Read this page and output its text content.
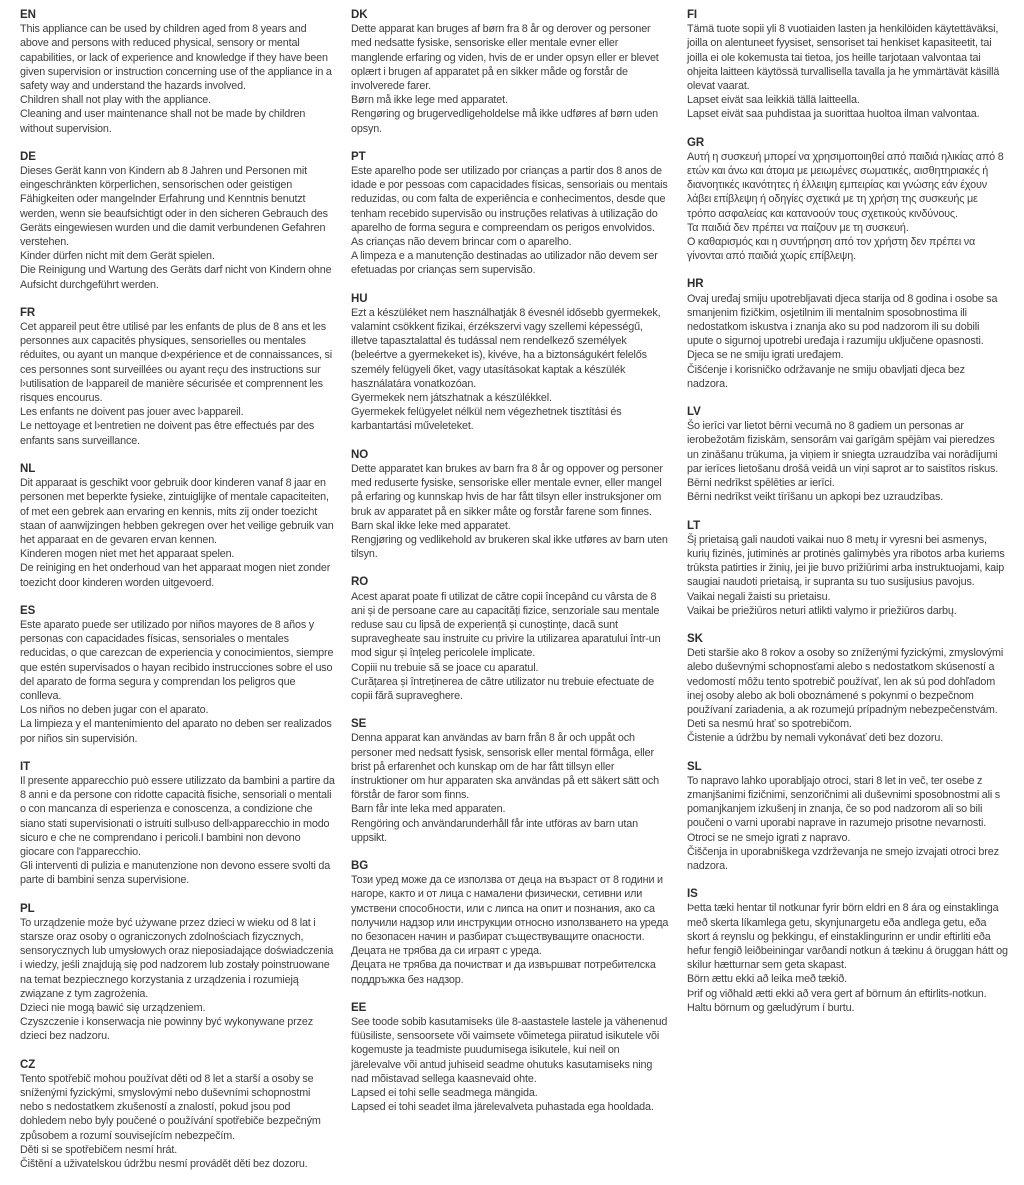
EN

This appliance can be used by children aged from 8 years and above and persons with reduced physical, sensory or mental capabilities, or lack of experience and knowledge if they have been given supervision or instruction concerning use of the appliance in a safety way and understand the hazards involved.

Children shall not play with the appliance.

Cleaning and user maintenance shall not be made by children without supervision.

DE

Dieses Gerät kann von Kindern ab 8 Jahren und Personen mit eingeschränkten körperlichen, sensorischen oder geistigen Fähigkeiten oder mangelnder Erfahrung und Kenntnis benutzt werden, wenn sie beaufsichtigt oder in den sicheren Gebrauch des Geräts eingewiesen wurden und die damit verbundenen Gefahren verstehen.

Kinder dürfen nicht mit dem Gerät spielen.

Die Reinigung und Wartung des Geräts darf nicht von Kindern ohne Aufsicht durchgeführt werden.

FR

Cet appareil peut être utilisé par les enfants de plus de 8 ans et les personnes aux capacités physiques, sensorielles ou mentales réduites, ou ayant un manque d›expérience et de connaissances, si ces personnes sont surveillées ou ayant reçu des instructions sur l›utilisation de l›appareil de manière sécurisée et comprennent les risques encourus.

Les enfants ne doivent pas jouer avec l›appareil.

Le nettoyage et l›entretien ne doivent pas être effectués par des enfants sans surveillance.

NL

Dit apparaat is geschikt voor gebruik door kinderen vanaf 8 jaar en personen met beperkte fysieke, zintuiglijke of mentale capaciteiten, of met een gebrek aan ervaring en kennis, mits zij onder toezicht staan of aanwijzingen hebben gekregen over het veilige gebruik van het apparaat en de gevaren ervan kennen.

Kinderen mogen niet met het apparaat spelen.

De reiniging en het onderhoud van het apparaat mogen niet zonder toezicht door kinderen worden uitgevoerd.

ES

Este aparato puede ser utilizado por niños mayores de 8 años y personas con capacidades físicas, sensoriales o mentales reducidas, o que carezcan de experiencia y conocimientos, siempre que estén supervisados o hayan recibido instrucciones sobre el uso del aparato de forma segura y comprendan los peligros que conlleva.

Los niños no deben jugar con el aparato.

La limpieza y el mantenimiento del aparato no deben ser realizados por niños sin supervisión.

IT

Il presente apparecchio può essere utilizzato da bambini a partire da 8 anni e da persone con ridotte capacità fisiche, sensoriali o mentali o con mancanza di esperienza e conoscenza, a condizione che siano stati supervisionati o istruiti sull›uso dell›apparecchio in modo sicuro e che ne comprendano i pericoli.I bambini non devono giocare con l'apparecchio.

Gli interventi di pulizia e manutenzione non devono essere svolti da parte di bambini senza supervisione.

PL

To urządzenie może być używane przez dzieci w wieku od 8 lat i starsze oraz osoby o ograniczonych zdolnościach fizycznych, sensorycznych lub umysłowych oraz nieposiadające doświadczenia i wiedzy, jeśli znajdują się pod nadzorem lub zostały poinstruowane na temat bezpiecznego korzystania z urządzenia i rozumieją związane z tym zagrożenia.

Dzieci nie mogą bawić się urządzeniem.

Czyszczenie i konserwacja nie powinny być wykonywane przez dzieci bez nadzoru.

CZ

Tento spotřebič mohou používat děti od 8 let a starší a osoby se sníženými fyzickými, smyslovými nebo duševními schopnostmi nebo s nedostatkem zkušeností a znalostí, pokud jsou pod dohledem nebo byly poučené o používání spotřebiče bezpečným způsobem a rozumí souvisejícím nebezpečím.

Děti si se spotřebičem nesmí hrát.

Čištění a uživatelskou údržbu nesmí provádět děti bez dozoru.

DK

Dette apparat kan bruges af børn fra 8 år og derover og personer med nedsatte fysiske, sensoriske eller mentale evner eller manglende erfaring og viden, hvis de er under opsyn eller er blevet oplært i brugen af apparatet på en sikker måde og forstår de involverede farer.

Børn må ikke lege med apparatet.

Rengøring og brugervedligeholdelse må ikke udføres af børn uden opsyn.

PT

Este aparelho pode ser utilizado por crianças a partir dos 8 anos de idade e por pessoas com capacidades físicas, sensoriais ou mentais reduzidas, ou com falta de experiência e conhecimentos, desde que tenham recebido supervisão ou instruções relativas à utilização do aparelho de forma segura e compreendam os perigos envolvidos.

As crianças não devem brincar com o aparelho.

A limpeza e a manutenção destinadas ao utilizador não devem ser efetuadas por crianças sem supervisão.

HU

Ezt a készüléket nem használhatják 8 évesnél idősebb gyermekek, valamint csökkent fizikai, érzékszervi vagy szellemi képességű, illetve tapasztalattal és tudással nem rendelkező személyek (beleértve a gyermekeket is), kivéve, ha a biztonságukért felelős személy felügyeli őket, vagy utasításokat kaptak a készülék használatára vonatkozóan.

Gyermekek nem játszhatnak a készülékkel.

Gyermekek felügyelet nélkül nem végezhetnek tisztítási és karbantartási műveleteket.

NO

Dette apparatet kan brukes av barn fra 8 år og oppover og personer med reduserte fysiske, sensoriske eller mentale evner, eller mangel på erfaring og kunnskap hvis de har fått tilsyn eller instruksjoner om bruk av apparatet på en sikker måte og forstår farene som finnes.

Barn skal ikke leke med apparatet.

Rengjøring og vedlikehold av brukeren skal ikke utføres av barn uten tilsyn.

RO

Acest aparat poate fi utilizat de către copii începând cu vârsta de 8 ani și de persoane care au capacități fizice, senzoriale sau mentale reduse sau cu lipsă de experiență și cunoștințe, dacă sunt supravegheate sau instruite cu privire la utilizarea aparatului într-un mod sigur și înțeleg pericolele implicate.

Copiii nu trebuie să se joace cu aparatul.

Curățarea și întreținerea de către utilizator nu trebuie efectuate de copii fără supraveghere.

SE

Denna apparat kan användas av barn från 8 år och uppåt och personer med nedsatt fysisk, sensorisk eller mental förmåga, eller brist på erfarenhet och kunskap om de har fått tillsyn eller instruktioner om hur apparaten ska användas på ett säkert sätt och förstår de faror som finns.

Barn får inte leka med apparaten.

Rengöring och användarunderhåll får inte utföras av barn utan uppsikt.

BG

Този уред може да се използва от деца на възраст от 8 години и нагоре, както и от лица с намалени физически, сетивни или умствени способности, или с липса на опит и познания, ако са получили надзор или инструкции относно използването на уреда по безопасен начин и разбират съществуващите опасности.

Децата не трябва да си играят с уреда.

Децата не трябва да почистват и да извършват потребителска поддръжка без надзор.

EE

See toode sobib kasutamiseks üle 8-aastastele lastele ja vähenenud füüsiliste, sensoorsete või vaimsete võimetega piiratud isikutele või kogemuste ja teadmiste puudumisega isikutele, kui neil on järelevalve või antud juhiseid seadme ohutuks kasutamiseks ning nad mõistavad sellega kaasnevaid ohte.

Lapsed ei tohi selle seadmega mängida.

Lapsed ei tohi seadet ilma järelevalveta puhastada ega hooldada.

FI

Tämä tuote sopii yli 8 vuotiaiden lasten ja henkilöiden käytettäväksi, joilla on alentuneet fyysiset, sensoriset tai henkiset kapasiteetit, tai joilla ei ole kokemusta tai tietoa, jos heille tarjotaan valvontaa tai ohjeita laitteen käytössä turvallisella tavalla ja he ymmärtävät käsillä olevat vaarat.

Lapset eivät saa leikkiä tällä laitteella.

Lapset eivät saa puhdistaa ja suorittaa huoltoa ilman valvontaa.

GR

Αυτή η συσκευή μπορεί να χρησιμοποιηθεί από παιδιά ηλικίας από 8 ετών και άνω και άτομα με μειωμένες σωματικές, αισθητηριακές ή διανοητικές ικανότητες ή έλλειψη εμπειρίας και γνώσης εάν έχουν λάβει επίβλεψη ή οδηγίες σχετικά με τη χρήση της συσκευής με τρόπο ασφαλείας και κατανοούν τους σχετικούς κινδύνους.

Τα παιδιά δεν πρέπει να παίζουν με τη συσκευή.

Ο καθαρισμός και η συντήρηση από τον χρήστη δεν πρέπει να γίνονται από παιδιά χωρίς επίβλεψη.

HR

Ovaj uređaj smiju upotrebljavati djeca starija od 8 godina i osobe sa smanjenim fizičkim, osjetilnim ili mentalnim sposobnostima ili nedostatkom iskustva i znanja ako su pod nadzorom ili su dobili upute o sigurnoj upotrebi uređaja i razumiju uključene opasnosti.

Djeca se ne smiju igrati uređajem.

Čišćenje i korisničko održavanje ne smiju obavljati djeca bez nadzora.

LV

Šo ierīci var lietot bērni vecumā no 8 gadiem un personas ar ierobežotām fiziskām, sensorām vai garīgām spējām vai pieredzes un zināšanu trūkuma, ja viņiem ir sniegta uzraudzība vai norādījumi par ierīces lietošanu drošā veidā un viņi saprot ar to saistītos riskus.

Bērni nedrīkst spēlēties ar ierīci.

Bērni nedrīkst veikt tīrīšanu un apkopi bez uzraudzības.

LT

Šį prietaisą gali naudoti vaikai nuo 8 metų ir vyresni bei asmenys, kurių fizinės, jutiminės ar protinės galimybės yra ribotos arba kuriems trūksta patirties ir žinių, jei jie buvo prižiūrimi arba instruktuojami, kaip saugiai naudoti prietaisą, ir supranta su tuo susijusius pavojus.

Vaikai negali žaisti su prietaisu.

Vaikai be priežiūros neturi atlikti valymo ir priežiūros darbų.

SK

Deti staršie ako 8 rokov a osoby so zníženými fyzickými, zmyslovými alebo duševnými schopnosťami alebo s nedostatkom skúseností a vedomostí môžu tento spotrebič používať, len ak sú pod dohľadom inej osoby alebo ak boli oboznámené s pokynmi o bezpečnom používaní zariadenia, a ak rozumejú prípadným nebezpečenstvám.

Deti sa nesmú hrať so spotrebičom.

Čistenie a údržbu by nemali vykonávať deti bez dozoru.

SL

To napravo lahko uporabljajo otroci, stari 8 let in več, ter osebe z zmanjšanimi fizičnimi, senzoričnimi ali duševnimi sposobnostmi ali s pomanjkanjem izkušenj in znanja, če so pod nadzorom ali so bili poučeni o varni uporabi naprave in razumejo prisotne nevarnosti.

Otroci se ne smejo igrati z napravo.

Čiščenja in uporabniškega vzdrževanja ne smejo izvajati otroci brez nadzora.

IS

Þetta tæki hentar til notkunar fyrir börn eldri en 8 ára og einstaklinga með skerta líkamlega getu, skynjunargetu eða andlega getu, eða skort á reynslu og þekkingu, ef einstaklingurinn er undir eftirliti eða hefur fengið leiðbeiningar varðandi notkun á tækinu á öruggan hátt og skilur hætturnar sem geta skapast.

Börn ættu ekki að leika með tækið.

Þrif og viðhald ætti ekki að vera gert af börnum án eftirlits-notkun.

Haltu börnum og gæludýrum í burtu.
